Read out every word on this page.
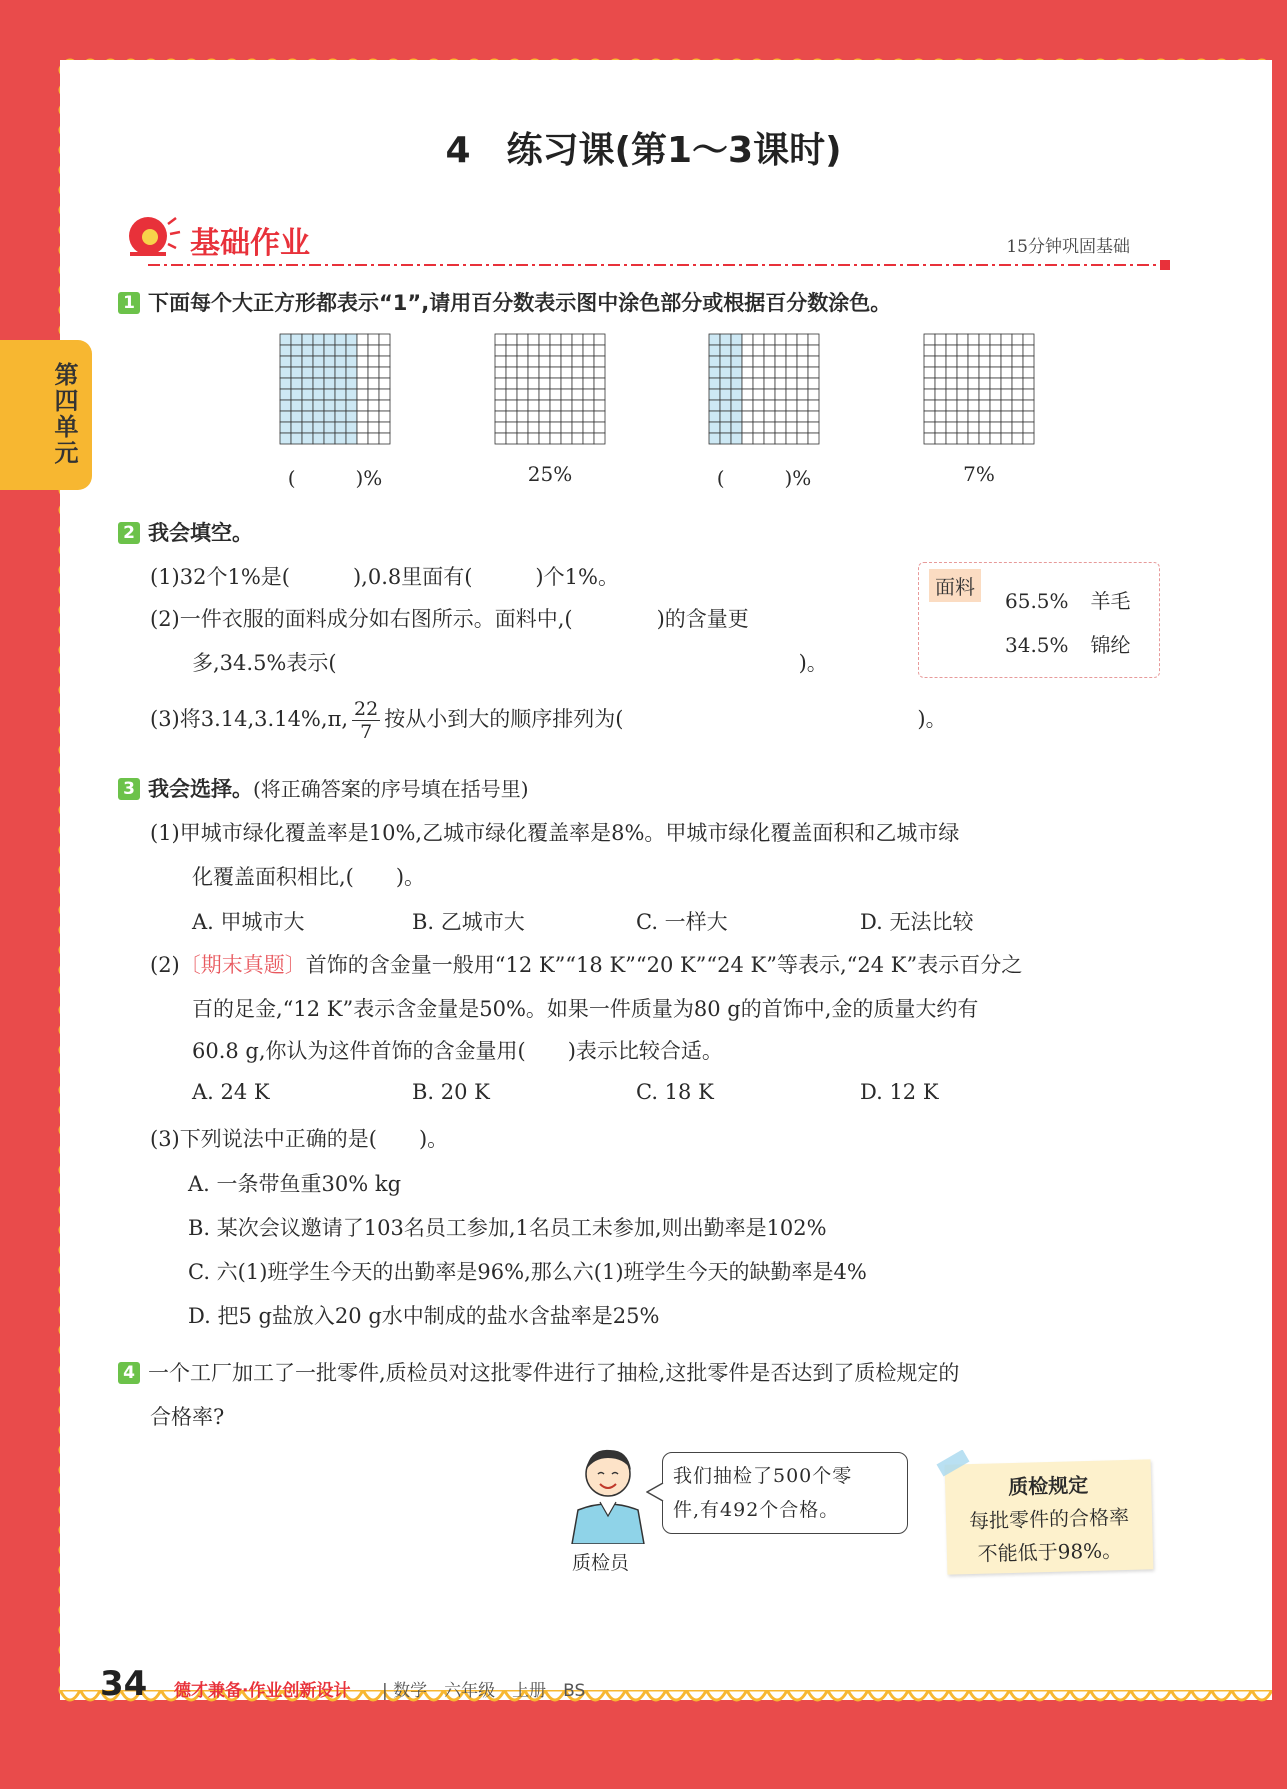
第四单元
4　练习课(第1～3课时)
基础作业	15分钟巩固基础
1 下面每个大正方形都表示“1”,请用百分数表示图中涂色部分或根据百分数涂色。
(　　　)%	25%	(　　　)%	7%
2 我会填空。
(1)32个1%是(　　　),0.8里面有(　　　)个1%。
(2)一件衣服的面料成分如右图所示。面料中,(　　　　)的含量更
多,34.5%表示(　　　　　　　　　　　　　　　　　　　　　　)。
(3)将3.14,3.14%,π, $\frac{22}{7}$ 按从小到大的顺序排列为(　　　　　　　　　　　　　　)。
面料
65.5% 羊毛
34.5% 锦纶
3 我会选择。(将正确答案的序号填在括号里)
(1)甲城市绿化覆盖率是10%,乙城市绿化覆盖率是8%。甲城市绿化覆盖面积和乙城市绿
化覆盖面积相比,(　　)。
A. 甲城市大	B. 乙城市大	C. 一样大	D. 无法比较
(2)〔期末真题〕首饰的含金量一般用“12 K”“18 K”“20 K”“24 K”等表示,“24 K”表示百分之
百的足金,“12 K”表示含金量是50%。如果一件质量为80 g的首饰中,金的质量大约有
60.8 g,你认为这件首饰的含金量用(　　)表示比较合适。
A. 24 K	B. 20 K	C. 18 K	D. 12 K
(3)下列说法中正确的是(　　)。
A. 一条带鱼重30% kg
B. 某次会议邀请了103名员工参加,1名员工未参加,则出勤率是102%
C. 六(1)班学生今天的出勤率是96%,那么六(1)班学生今天的缺勤率是4%
D. 把5 g盐放入20 g水中制成的盐水含盐率是25%
4 一个工厂加工了一批零件,质检员对这批零件进行了抽检,这批零件是否达到了质检规定的
合格率?
质检员
我们抽检了500个零
件,有492个合格。
质检规定
每批零件的合格率
不能低于98%。
34 德才兼备·作业创新设计 | 数学　六年级　上册　BS
